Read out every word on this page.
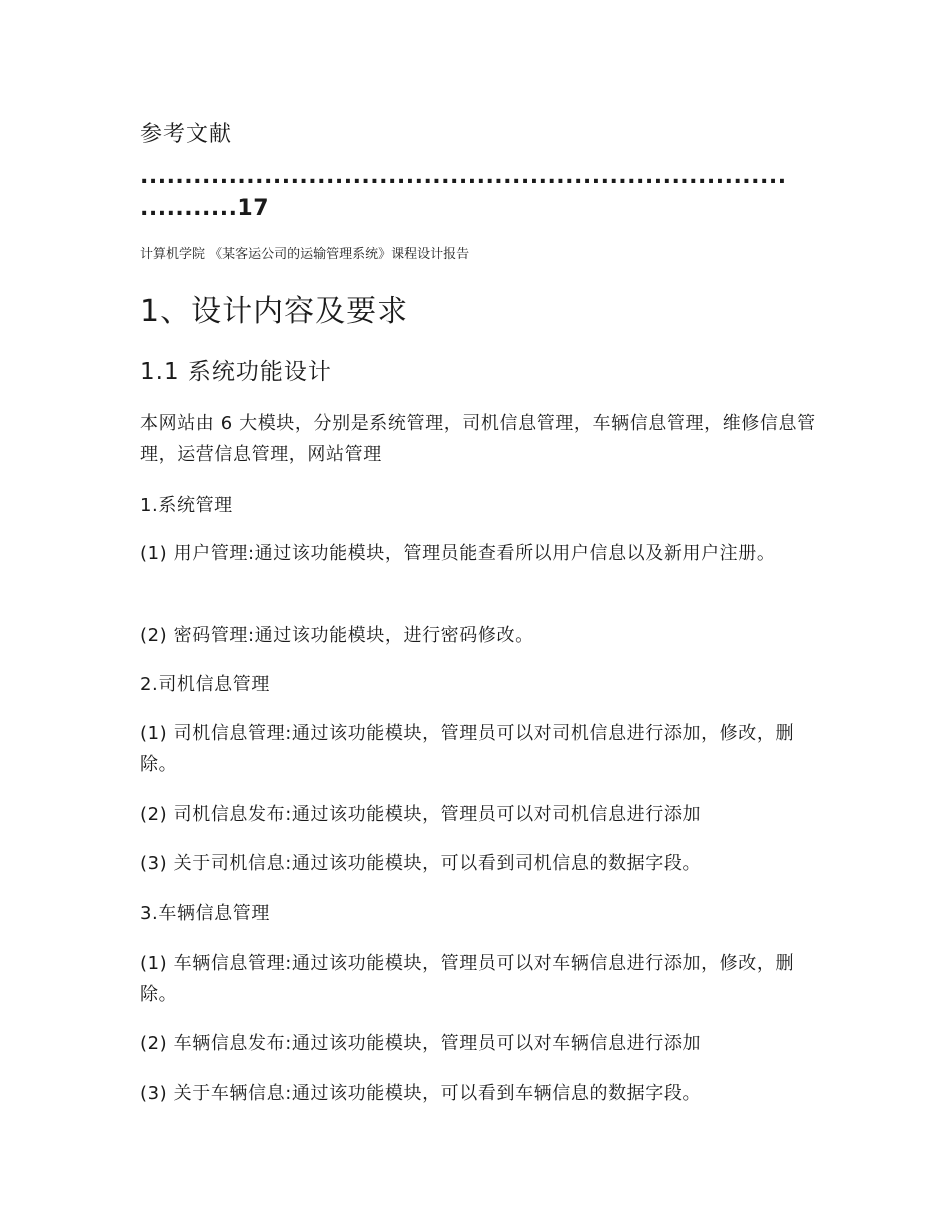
参考文献
.........................................................................
...........17
计算机学院 《某客运公司的运输管理系统》课程设计报告
1、设计内容及要求
1.1 系统功能设计
本网站由 6 大模块，分别是系统管理，司机信息管理，车辆信息管理，维修信息管理，运营信息管理，网站管理
1.系统管理
(1) 用户管理:通过该功能模块，管理员能查看所以用户信息以及新用户注册。
(2) 密码管理:通过该功能模块，进行密码修改。
2.司机信息管理
(1) 司机信息管理:通过该功能模块，管理员可以对司机信息进行添加，修改，删除。
(2) 司机信息发布:通过该功能模块，管理员可以对司机信息进行添加
(3) 关于司机信息:通过该功能模块，可以看到司机信息的数据字段。
3.车辆信息管理
(1) 车辆信息管理:通过该功能模块，管理员可以对车辆信息进行添加，修改，删除。
(2) 车辆信息发布:通过该功能模块，管理员可以对车辆信息进行添加
(3) 关于车辆信息:通过该功能模块，可以看到车辆信息的数据字段。
